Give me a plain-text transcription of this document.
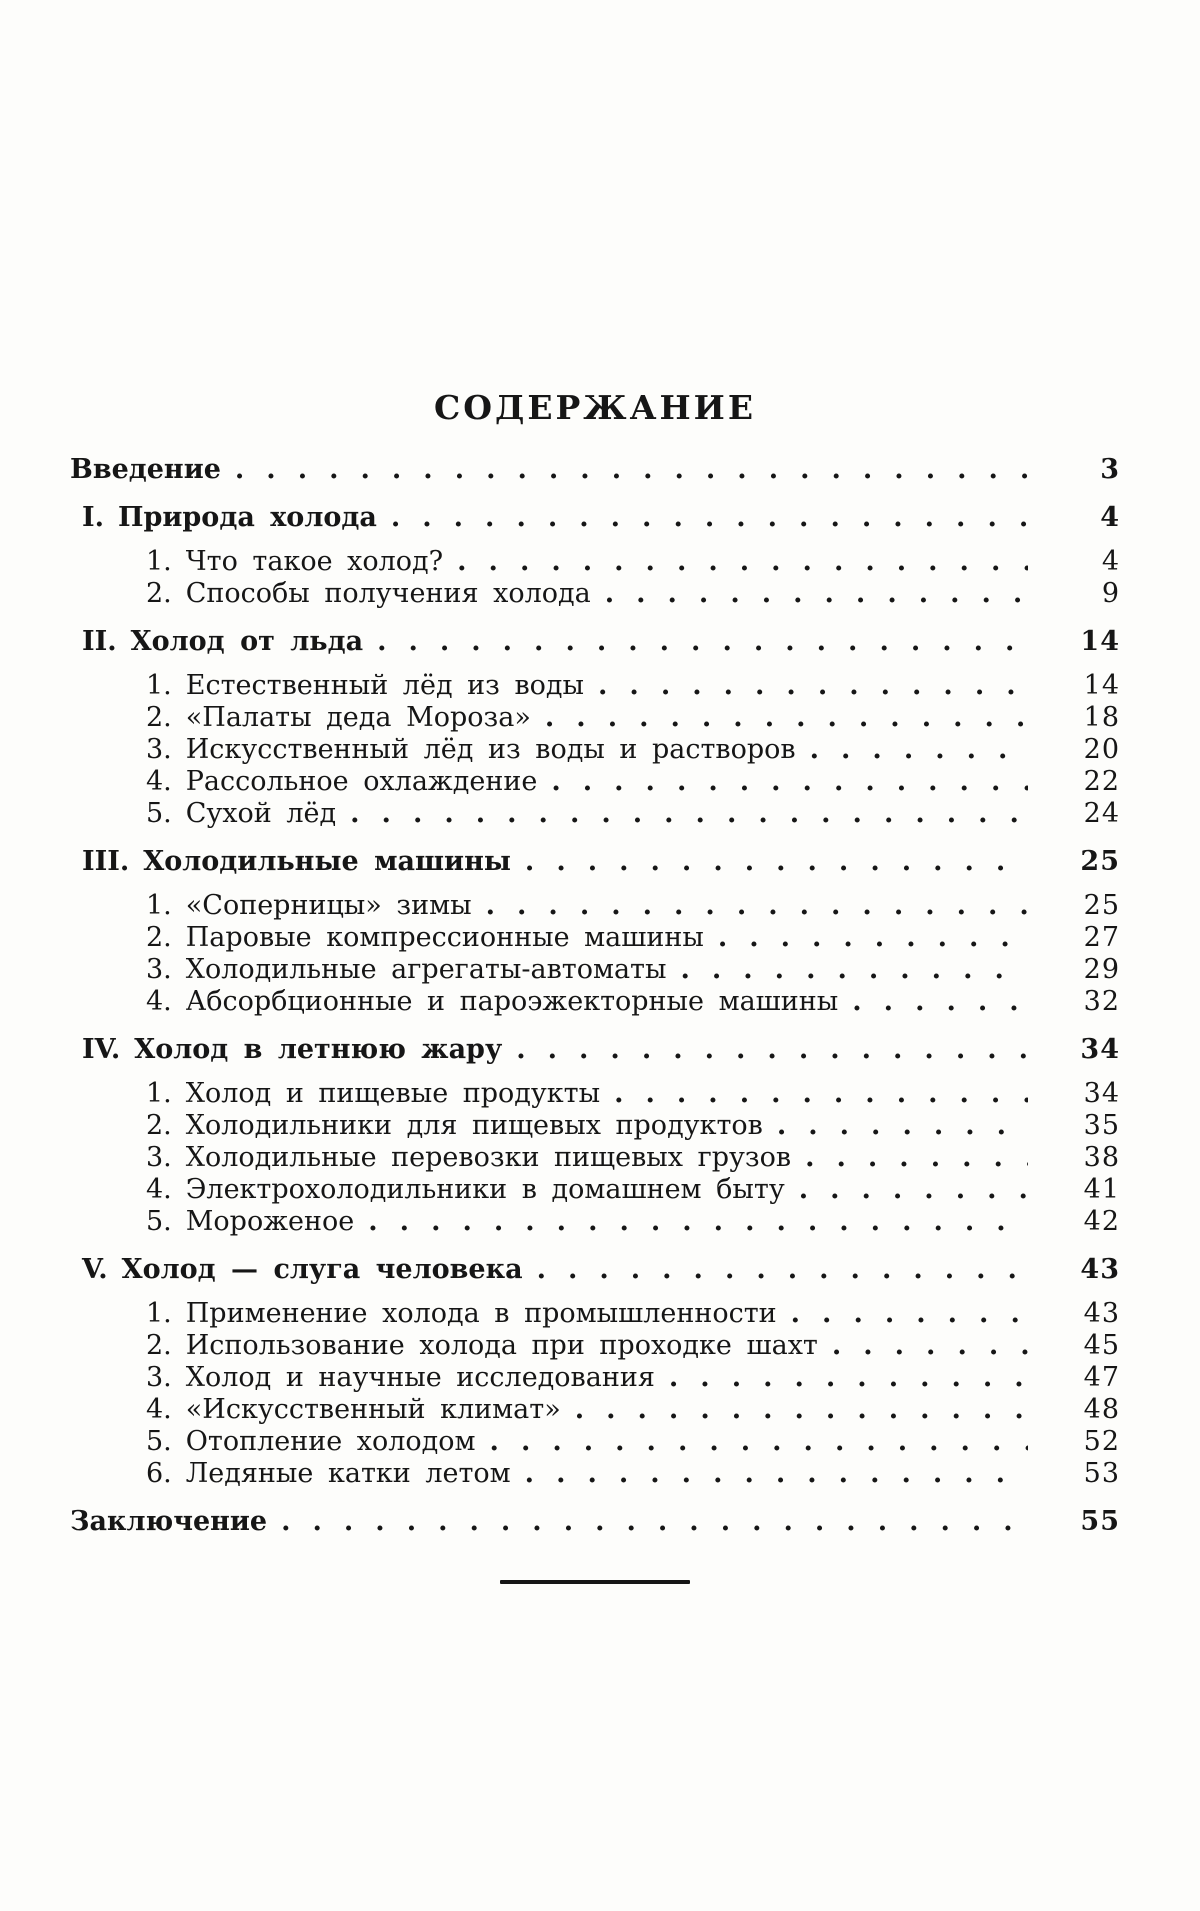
СОДЕРЖАНИЕ
Введение .....	3
I. Природа холода .....	4
1. Что такое холод? .....	4
2. Способы получения холода .....	9
II. Холод от льда .....	14
1. Естественный лёд из воды .....	14
2. «Палаты деда Мороза» .....	18
3. Искусственный лёд из воды и растворов .....	20
4. Рассольное охлаждение .....	22
5. Сухой лёд .....	24
III. Холодильные машины .....	25
1. «Соперницы» зимы .....	25
2. Паровые компрессионные машины .....	27
3. Холодильные агрегаты-автоматы .....	29
4. Абсорбционные и пароэжекторные машины .....	32
IV. Холод в летнюю жару .....	34
1. Холод и пищевые продукты .....	34
2. Холодильники для пищевых продуктов .....	35
3. Холодильные перевозки пищевых грузов .....	38
4. Электрохолодильники в домашнем быту .....	41
5. Мороженое .....	42
V. Холод — слуга человека .....	43
1. Применение холода в промышленности .....	43
2. Использование холода при проходке шахт .....	45
3. Холод и научные исследования .....	47
4. «Искусственный климат» .....	48
5. Отопление холодом .....	52
6. Ледяные катки летом .....	53
Заключение .....	55
